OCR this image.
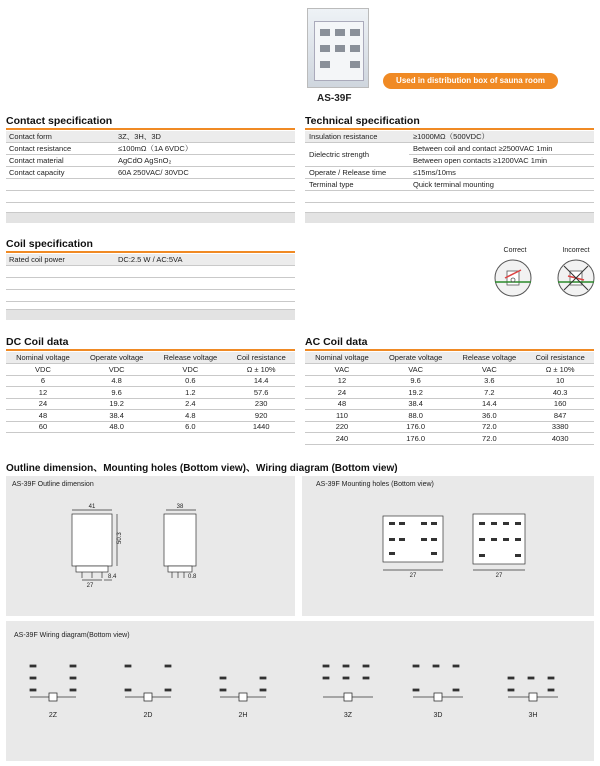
AS-39F
Used in distribution box of sauna room
Contact specification
Contact form	3Z、3H、3D
Contact resistance	≤100mΩ（1A 6VDC）
Contact material	AgCdO AgSnO₂
Contact capacity	60A 250VAC/ 30VDC
Technical specification
Insulation resistance	≥1000MΩ（500VDC）
Dielectric strength
Between coil and contact ≥2500VAC 1min
Between open contacts ≥1200VAC 1min
Operate / Release time	≤15ms/10ms
Terminal type	Quick terminal mounting
Coil specification
Rated coil power	DC:2.5 W / AC:5VA
Correct	Incorrect
DC Coil data
Nominal voltage	Operate voltage	Release voltage	Coil resistance
VDC	VDC	VDC	Ω ± 10%
6	4.8	0.6	14.4
12	9.6	1.2	57.6
24	19.2	2.4	230
48	38.4	4.8	920
60	48.0	6.0	1440
AC Coil data
Nominal voltage	Operate voltage	Release voltage	Coil resistance
VAC	VAC	VAC	Ω ± 10%
12	9.6	3.6	10
24	19.2	7.2	40.3
48	38.4	14.4	160
110	88.0	36.0	847
220	176.0	72.0	3380
240	176.0	72.0	4030
Outline dimension、Mounting holes (Bottom view)、Wiring diagram (Bottom view)
AS-39F Outline dimension
41	38
50.3
27
8.4	0.8
AS-39F Mounting holes (Bottom view)
27	27
AS-39F Wiring diagram(Bottom view)
2Z	2D	2H	3Z	3D	3H
